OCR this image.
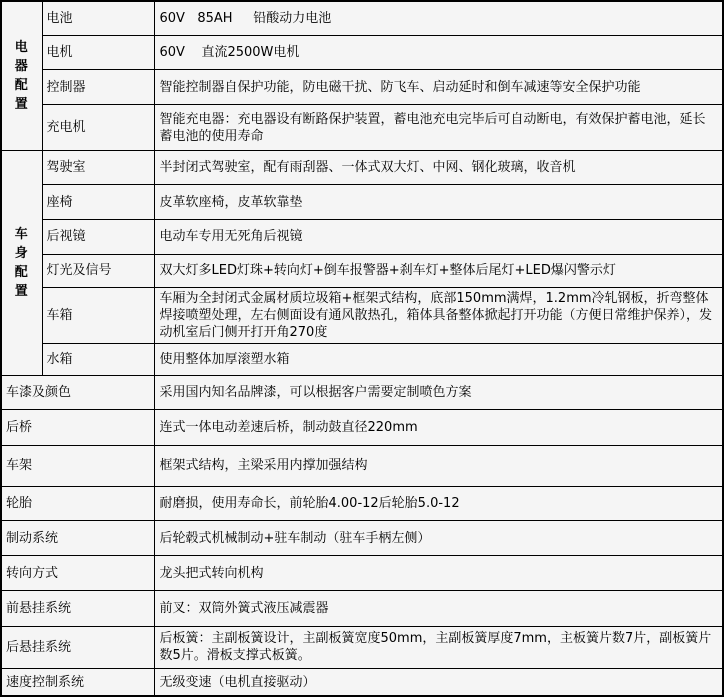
电器配置	电池	60V   85AH     铅酸动力电池
	电机	60V    直流2500W电机
	控制器	智能控制器自保护功能，防电磁干扰、防飞车、启动延时和倒车减速等安全保护功能
	充电机	智能充电器：充电器设有断路保护装置，蓄电池充电完毕后可自动断电，有效保护蓄电池，延长蓄电池的使用寿命
车身配置	驾驶室	半封闭式驾驶室，配有雨刮器、一体式双大灯、中网、钢化玻璃，收音机
	座椅	皮革软座椅，皮革软靠垫
	后视镜	电动车专用无死角后视镜
	灯光及信号	双大灯多LED灯珠+转向灯+倒车报警器+刹车灯+整体后尾灯+LED爆闪警示灯
	车箱	车厢为全封闭式金属材质垃圾箱+框架式结构，底部150mm满焊，1.2mm冷轧钢板，折弯整体焊接喷塑处理，左右侧面设有通风散热孔，箱体具备整体掀起打开功能（方便日常维护保养），发动机室后门侧开打开角270度
	水箱	使用整体加厚滚塑水箱
车漆及颜色		采用国内知名品牌漆，可以根据客户需要定制喷色方案
后桥		连式一体电动差速后桥，制动鼓直径220mm
车架		框架式结构，主梁采用内撑加强结构
轮胎		耐磨损，使用寿命长，前轮胎4.00-12后轮胎5.0-12
制动系统		后轮毂式机械制动+驻车制动（驻车手柄左侧）
转向方式		龙头把式转向机构
前悬挂系统		前叉：双筒外簧式液压减震器
后悬挂系统		后板簧：主副板簧设计，主副板簧宽度50mm，主副板簧厚度7mm，主板簧片数7片，副板簧片数5片。滑板支撑式板簧。
速度控制系统		无级变速（电机直接驱动）
